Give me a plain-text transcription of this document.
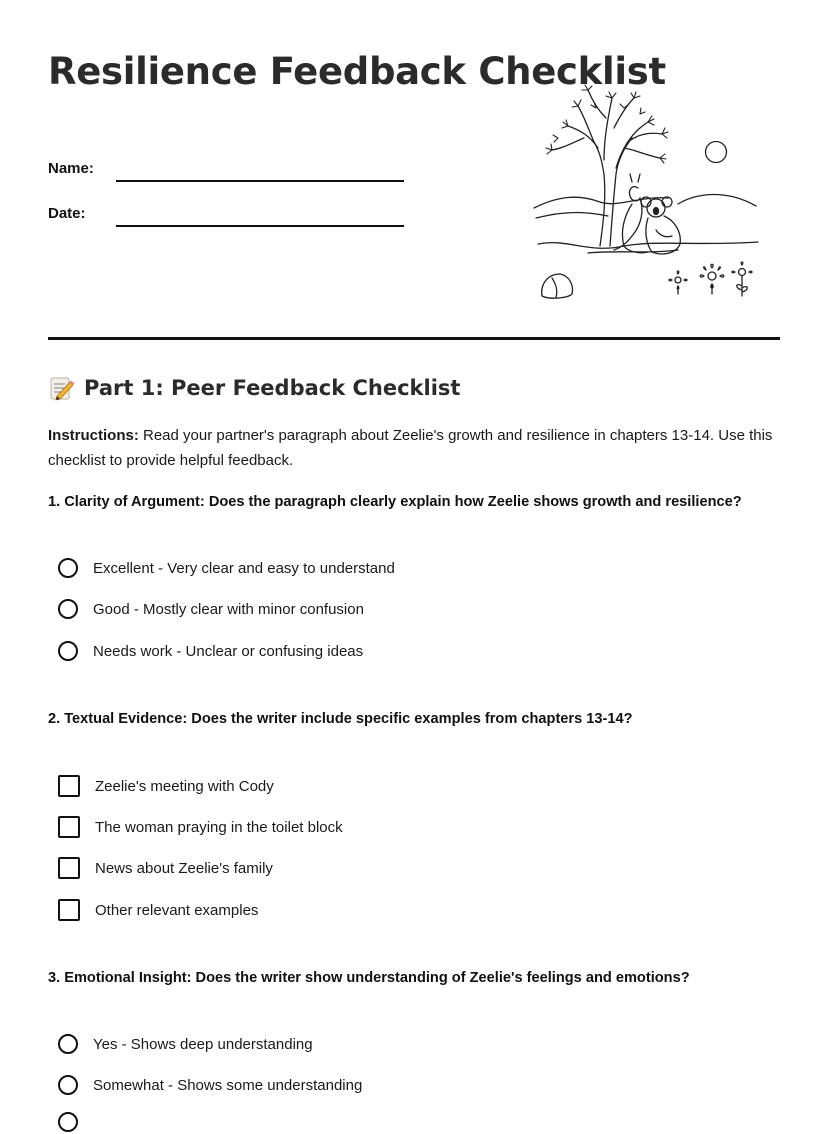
Resilience Feedback Checklist
Name:
Date:
Part 1: Peer Feedback Checklist

Instructions: Read your partner's paragraph about Zeelie's growth and resilience in chapters 13-14. Use this checklist to provide helpful feedback.

1. Clarity of Argument: Does the paragraph clearly explain how Zeelie shows growth and resilience?
Excellent - Very clear and easy to understand
Good - Mostly clear with minor confusion
Needs work - Unclear or confusing ideas
2. Textual Evidence: Does the writer include specific examples from chapters 13-14?
Zeelie's meeting with Cody
The woman praying in the toilet block
News about Zeelie's family
Other relevant examples
3. Emotional Insight: Does the writer show understanding of Zeelie's feelings and emotions?
Yes - Shows deep understanding
Somewhat - Shows some understanding
